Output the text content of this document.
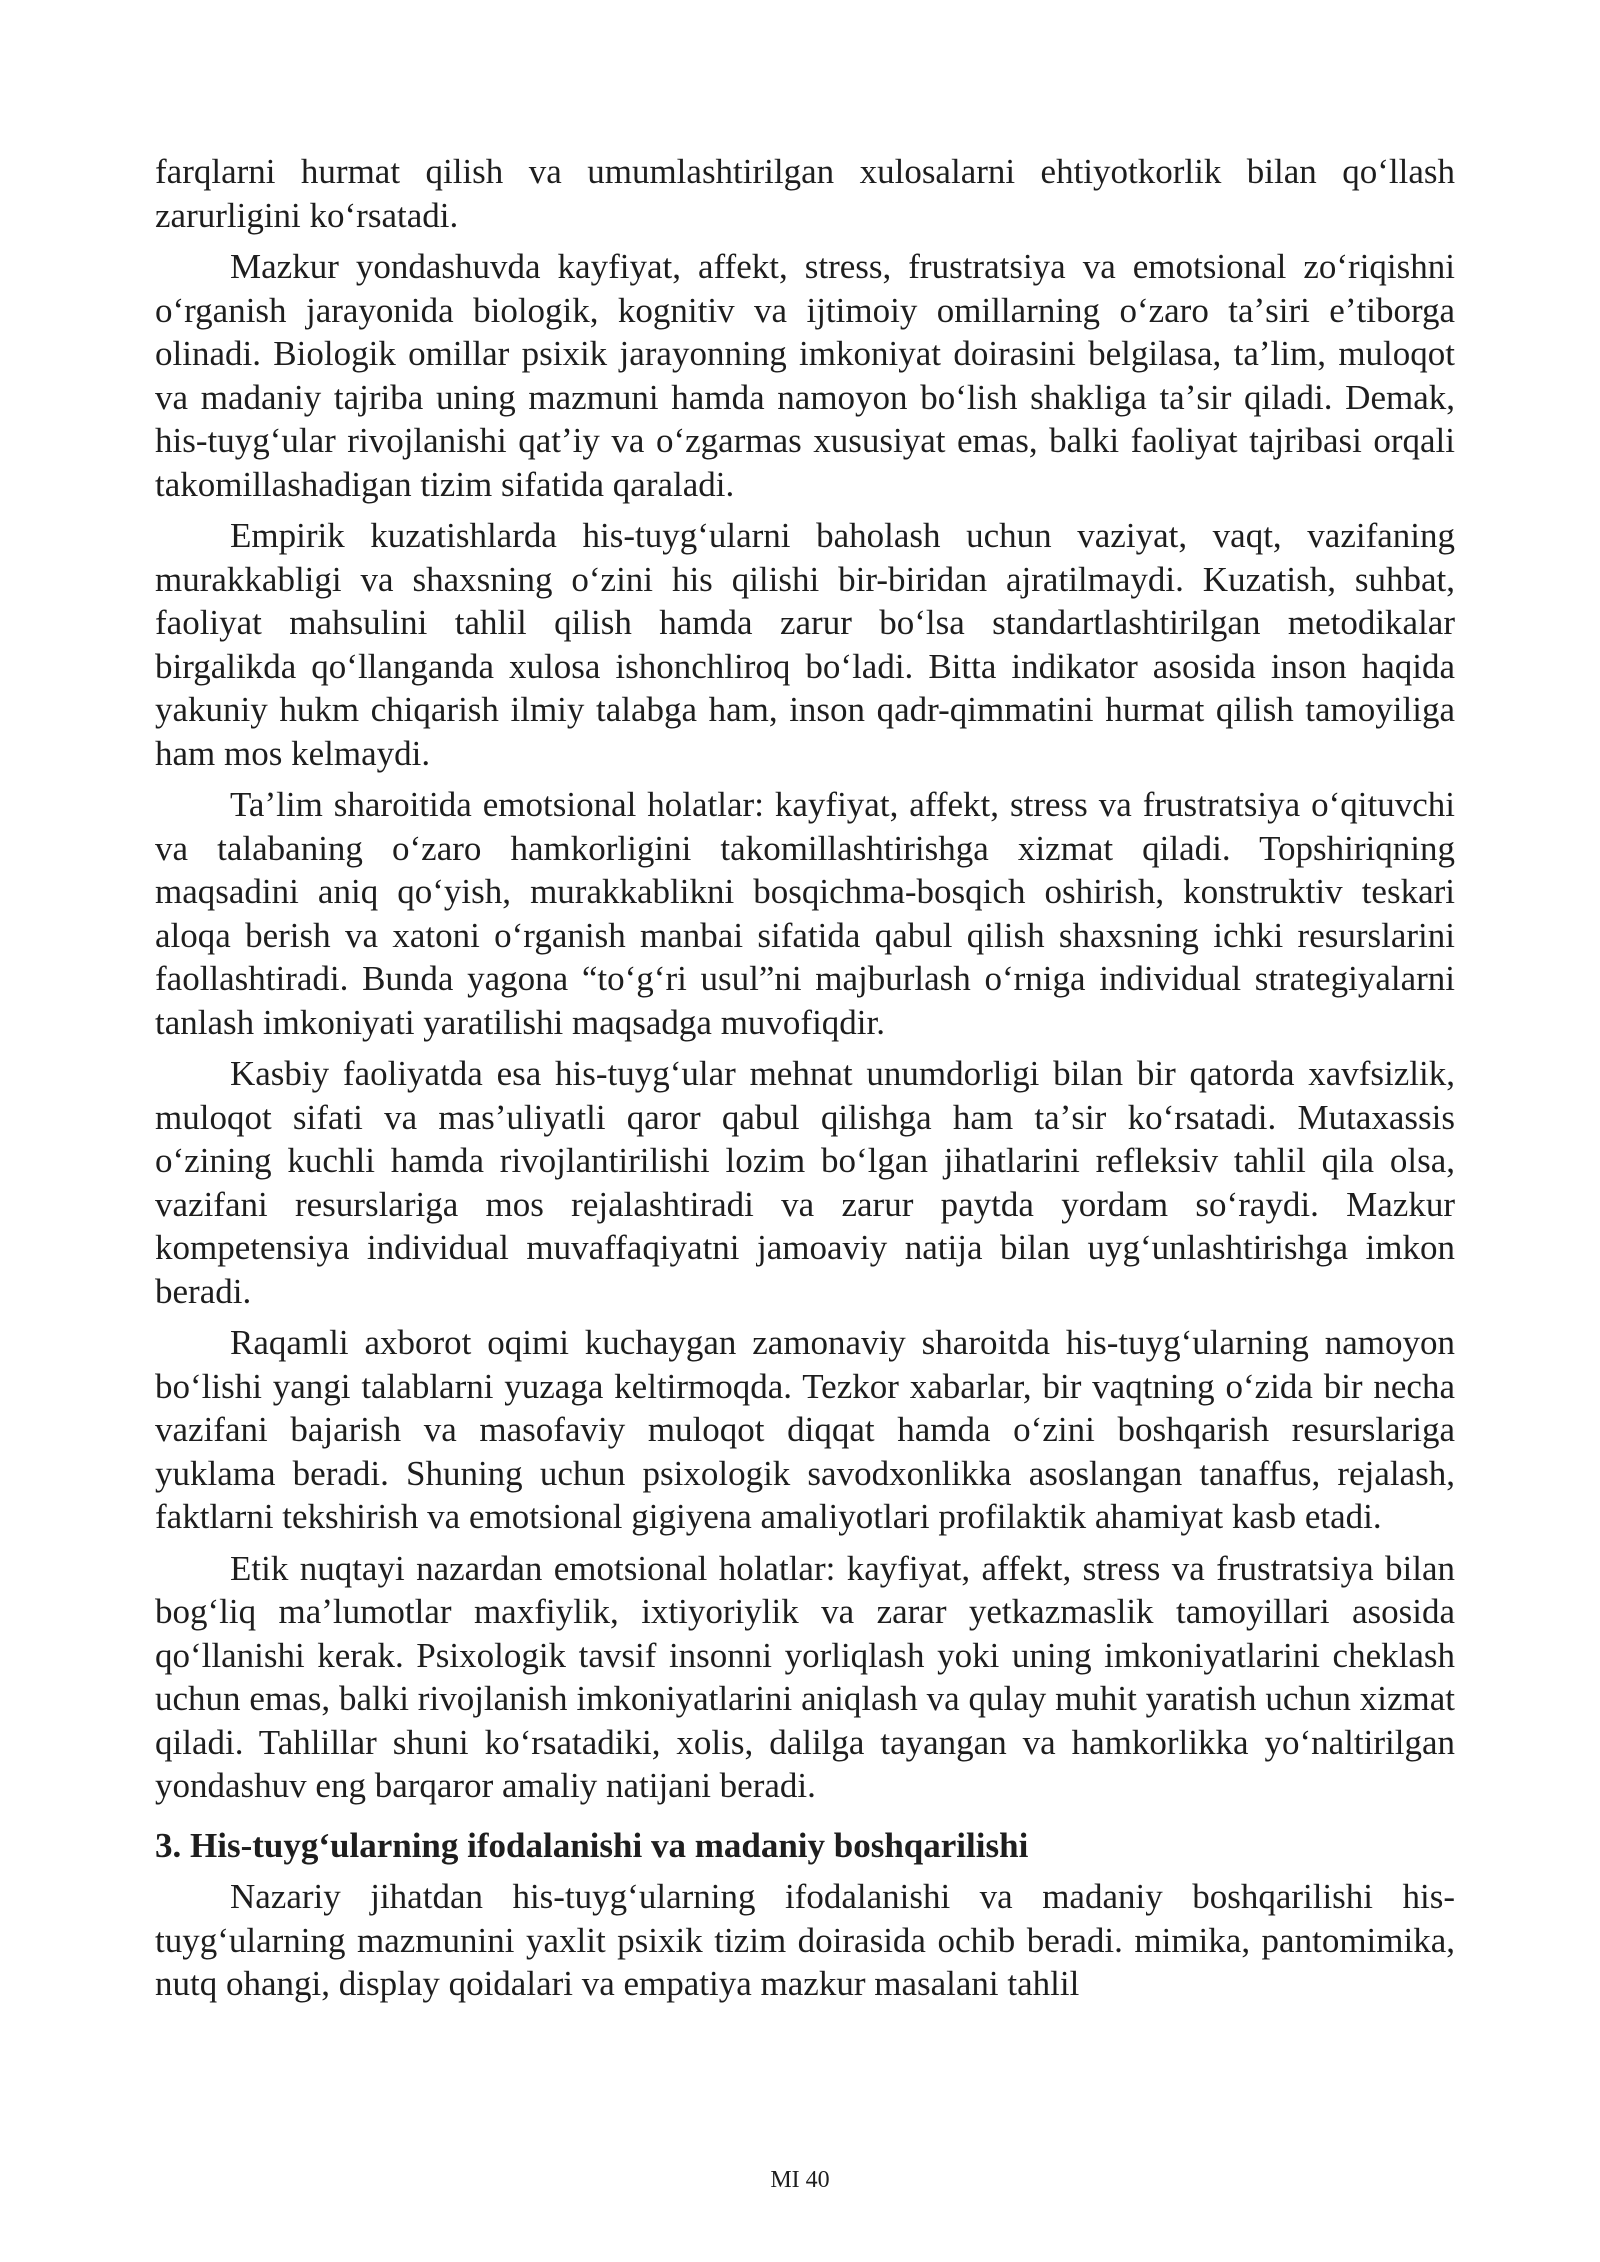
farqlarni hurmat qilish va umumlashtirilgan xulosalarni ehtiyotkorlik bilan qoʻllash zarurligini koʻrsatadi.

Mazkur yondashuvda kayfiyat, affekt, stress, frustratsiya va emotsional zoʻriqishni oʻrganish jarayonida biologik, kognitiv va ijtimoiy omillarning oʻzaro taʼsiri eʼtiborga olinadi. Biologik omillar psixik jarayonning imkoniyat doirasini belgilasa, taʼlim, muloqot va madaniy tajriba uning mazmuni hamda namoyon boʻlish shakliga taʼsir qiladi. Demak, his-tuygʻular rivojlanishi qatʼiy va oʻzgarmas xususiyat emas, balki faoliyat tajribasi orqali takomillashadigan tizim sifatida qaraladi.

Empirik kuzatishlarda his-tuygʻularni baholash uchun vaziyat, vaqt, vazifaning murakkabligi va shaxsning oʻzini his qilishi bir-biridan ajratilmaydi. Kuzatish, suhbat, faoliyat mahsulini tahlil qilish hamda zarur boʻlsa standartlashtirilgan metodikalar birgalikda qoʻllanganda xulosa ishonchliroq boʻladi. Bitta indikator asosida inson haqida yakuniy hukm chiqarish ilmiy talabga ham, inson qadr-qimmatini hurmat qilish tamoyiliga ham mos kelmaydi.

Taʼlim sharoitida emotsional holatlar: kayfiyat, affekt, stress va frustratsiya oʻqituvchi va talabaning oʻzaro hamkorligini takomillashtirishga xizmat qiladi. Topshiriqning maqsadini aniq qoʻyish, murakkablikni bosqichma-bosqich oshirish, konstruktiv teskari aloqa berish va xatoni oʻrganish manbai sifatida qabul qilish shaxsning ichki resurslarini faollashtiradi. Bunda yagona “toʻgʻri usul”ni majburlash oʻrniga individual strategiyalarni tanlash imkoniyati yaratilishi maqsadga muvofiqdir.

Kasbiy faoliyatda esa his-tuygʻular mehnat unumdorligi bilan bir qatorda xavfsizlik, muloqot sifati va masʼuliyatli qaror qabul qilishga ham taʼsir koʻrsatadi. Mutaxassis oʻzining kuchli hamda rivojlantirilishi lozim boʻlgan jihatlarini refleksiv tahlil qila olsa, vazifani resurslariga mos rejalashtiradi va zarur paytda yordam soʻraydi. Mazkur kompetensiya individual muvaffaqiyatni jamoaviy natija bilan uygʻunlashtirishga imkon beradi.

Raqamli axborot oqimi kuchaygan zamonaviy sharoitda his-tuygʻularning namoyon boʻlishi yangi talablarni yuzaga keltirmoqda. Tezkor xabarlar, bir vaqtning oʻzida bir necha vazifani bajarish va masofaviy muloqot diqqat hamda oʻzini boshqarish resurslariga yuklama beradi. Shuning uchun psixologik savodxonlikka asoslangan tanaffus, rejalash, faktlarni tekshirish va emotsional gigiyena amaliyotlari profilaktik ahamiyat kasb etadi.

Etik nuqtayi nazardan emotsional holatlar: kayfiyat, affekt, stress va frustratsiya bilan bogʻliq maʼlumotlar maxfiylik, ixtiyoriylik va zarar yetkazmaslik tamoyillari asosida qoʻllanishi kerak. Psixologik tavsif insonni yorliqlash yoki uning imkoniyatlarini cheklash uchun emas, balki rivojlanish imkoniyatlarini aniqlash va qulay muhit yaratish uchun xizmat qiladi. Tahlillar shuni koʻrsatadiki, xolis, dalilga tayangan va hamkorlikka yoʻnaltirilgan yondashuv eng barqaror amaliy natijani beradi.

3. His-tuygʻularning ifodalanishi va madaniy boshqarilishi

Nazariy jihatdan his-tuygʻularning ifodalanishi va madaniy boshqarilishi his-tuygʻularning mazmunini yaxlit psixik tizim doirasida ochib beradi. mimika, pantomimika, nutq ohangi, display qoidalari va empatiya mazkur masalani tahlil

MI 40
